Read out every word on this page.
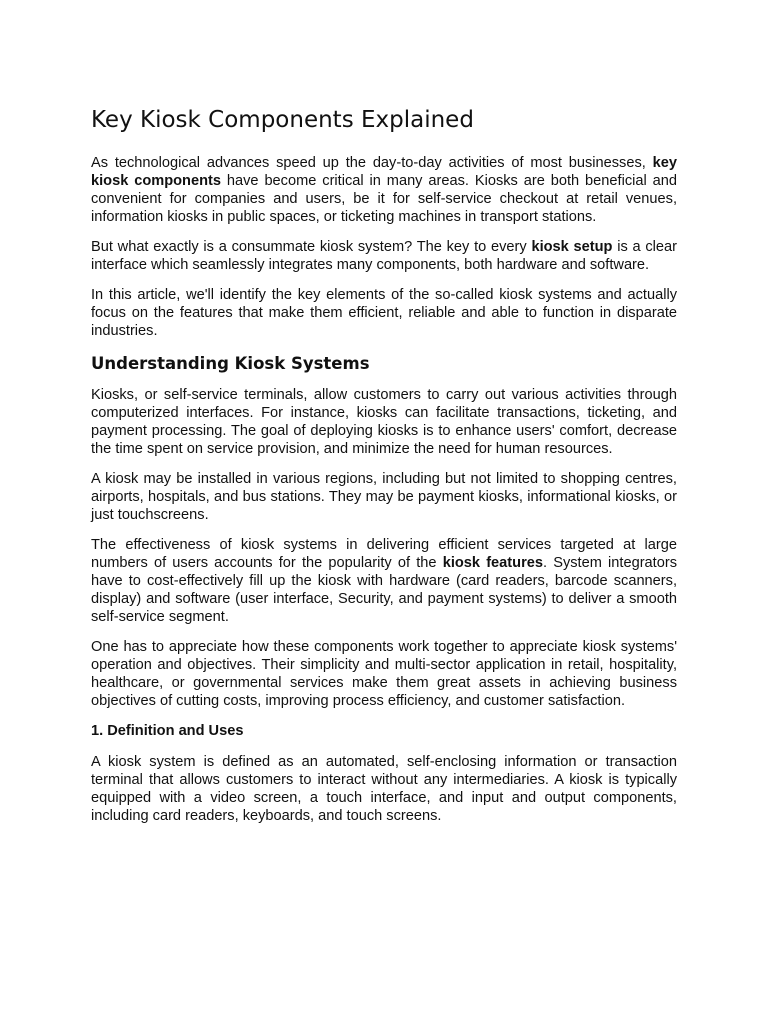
Key Kiosk Components Explained

As technological advances speed up the day-to-day activities of most businesses, key kiosk components have become critical in many areas. Kiosks are both beneficial and convenient for companies and users, be it for self-service checkout at retail venues, information kiosks in public spaces, or ticketing machines in transport stations.

But what exactly is a consummate kiosk system? The key to every kiosk setup is a clear interface which seamlessly integrates many components, both hardware and software.

In this article, we'll identify the key elements of the so-called kiosk systems and actually focus on the features that make them efficient, reliable and able to function in disparate industries.

Understanding Kiosk Systems

Kiosks, or self-service terminals, allow customers to carry out various activities through computerized interfaces. For instance, kiosks can facilitate transactions, ticketing, and payment processing. The goal of deploying kiosks is to enhance users' comfort, decrease the time spent on service provision, and minimize the need for human resources.

A kiosk may be installed in various regions, including but not limited to shopping centres, airports, hospitals, and bus stations. They may be payment kiosks, informational kiosks, or just touchscreens.

The effectiveness of kiosk systems in delivering efficient services targeted at large numbers of users accounts for the popularity of the kiosk features. System integrators have to cost-effectively fill up the kiosk with hardware (card readers, barcode scanners, display) and software (user interface, Security, and payment systems) to deliver a smooth self-service segment.

One has to appreciate how these components work together to appreciate kiosk systems' operation and objectives. Their simplicity and multi-sector application in retail, hospitality, healthcare, or governmental services make them great assets in achieving business objectives of cutting costs, improving process efficiency, and customer satisfaction.

1. Definition and Uses

A kiosk system is defined as an automated, self-enclosing information or transaction terminal that allows customers to interact without any intermediaries. A kiosk is typically equipped with a video screen, a touch interface, and input and output components, including card readers, keyboards, and touch screens.
